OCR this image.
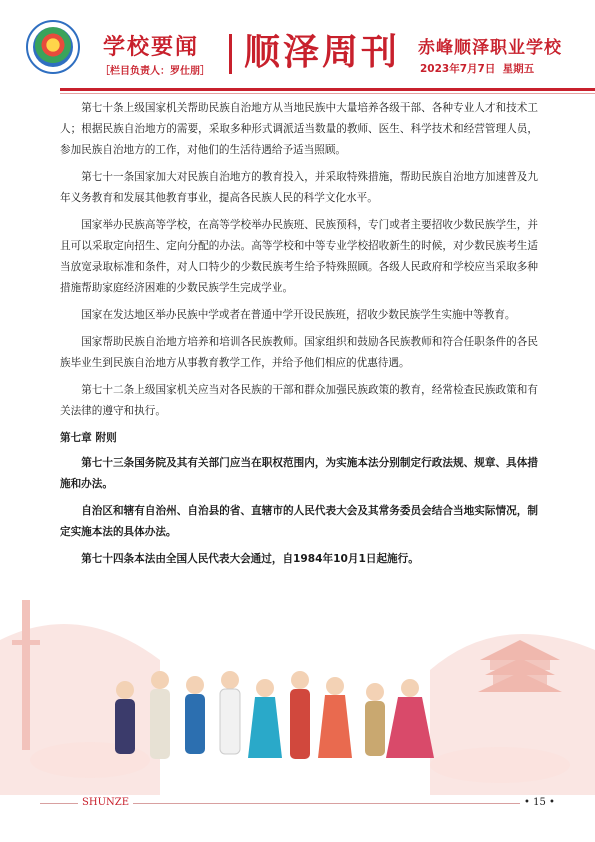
学校要闻
［栏目负责人：罗仕朋］ 顺泽周刊 赤峰顺泽职业学校
2023年7月7日  星期五

第七十条上级国家机关帮助民族自治地方从当地民族中大量培养各级干部、各种专业人才和技术工人；根据民族自治地方的需要，采取多种形式调派适当数量的教师、医生、科学技术和经营管理人员，参加民族自治地方的工作，对他们的生活待遇给予适当照顾。

第七十一条国家加大对民族自治地方的教育投入，并采取特殊措施，帮助民族自治地方加速普及九年义务教育和发展其他教育事业，提高各民族人民的科学文化水平。

国家举办民族高等学校，在高等学校举办民族班、民族预科，专门或者主要招收少数民族学生，并且可以采取定向招生、定向分配的办法。高等学校和中等专业学校招收新生的时候，对少数民族考生适当放宽录取标准和条件，对人口特少的少数民族考生给予特殊照顾。各级人民政府和学校应当采取多种措施帮助家庭经济困难的少数民族学生完成学业。

国家在发达地区举办民族中学或者在普通中学开设民族班，招收少数民族学生实施中等教育。

国家帮助民族自治地方培养和培训各民族教师。国家组织和鼓励各民族教师和符合任职条件的各民族毕业生到民族自治地方从事教育教学工作，并给予他们相应的优惠待遇。

第七十二条上级国家机关应当对各民族的干部和群众加强民族政策的教育，经常检查民族政策和有关法律的遵守和执行。

第七章 附则

第七十三条国务院及其有关部门应当在职权范围内，为实施本法分别制定行政法规、规章、具体措施和办法。

自治区和辖有自治州、自治县的省、直辖市的人民代表大会及其常务委员会结合当地实际情况，制定实施本法的具体办法。

第七十四条本法由全国人民代表大会通过，自1984年10月1日起施行。

SHUNZE	• 15 •
